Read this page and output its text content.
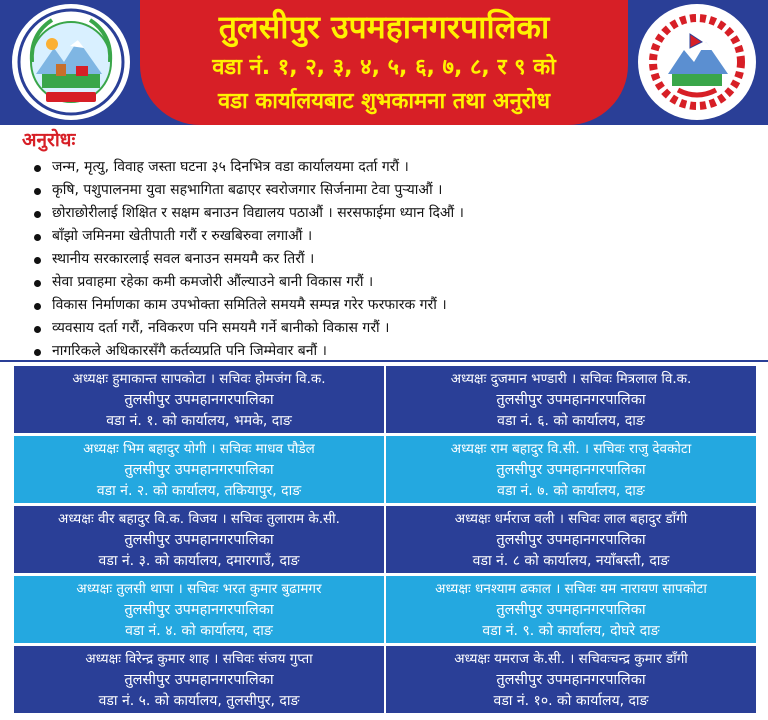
तुलसीपुर उपमहानगरपालिका
वडा नं. १, २, ३, ४, ५, ६, ७, ८, र ९ को
वडा कार्यालयबाट शुभकामना तथा अनुरोध
अनुरोधः
जन्म, मृत्यु, विवाह जस्ता घटना ३५ दिनभित्र वडा कार्यालयमा दर्ता गरौं ।
कृषि, पशुपालनमा युवा सहभागिता बढाएर स्वरोजगार सिर्जनामा टेवा पुर्‍याऔं ।
छोराछोरीलाई शिक्षित र सक्षम बनाउन विद्यालय पठाऔं । सरसफाईमा ध्यान दिऔं ।
बाँझो जमिनमा खेतीपाती गरौं र रुखबिरुवा लगाऔं ।
स्थानीय सरकारलाई सवल बनाउन समयमै कर तिरौं ।
सेवा प्रवाहमा रहेका कमी कमजोरी औंल्याउने बानी विकास गरौं ।
विकास निर्माणका काम उपभोक्ता समितिले समयमै सम्पन्न गरेर फरफारक गरौं ।
व्यवसाय दर्ता गरौं, नविकरण पनि समयमै गर्ने बानीको विकास गरौं ।
नागरिकले अधिकारसँगै कर्तव्यप्रति पनि जिम्मेवार बनौं ।
अध्यक्षः हुमाकान्त सापकोटा । सचिवः होमजंग वि.क.
तुलसीपुर उपमहानगरपालिका
वडा नं. १. को कार्यालय, भमके, दाङ
अध्यक्षः दुजमान भण्डारी । सचिवः मित्रलाल वि.क.
तुलसीपुर उपमहानगरपालिका
वडा नं. ६. को कार्यालय, दाङ
अध्यक्षः भिम बहादुर योगी । सचिवः माधव पौडेल
तुलसीपुर उपमहानगरपालिका
वडा नं. २. को कार्यालय, तकियापुर, दाङ
अध्यक्षः राम बहादुर वि.सी. । सचिवः राजु देवकोटा
तुलसीपुर उपमहानगरपालिका
वडा नं. ७. को कार्यालय, दाङ
अध्यक्षः वीर बहादुर वि.क. विजय । सचिवः तुलाराम के.सी.
तुलसीपुर उपमहानगरपालिका
वडा नं. ३. को कार्यालय, दमारगाउँ, दाङ
अध्यक्षः धर्मराज वली । सचिवः लाल बहादुर डाँगी
तुलसीपुर उपमहानगरपालिका
वडा नं. ८ को कार्यालय, नयाँबस्ती, दाङ
अध्यक्षः तुलसी थापा । सचिवः भरत कुमार बुढामगर
तुलसीपुर उपमहानगरपालिका
वडा नं. ४. को कार्यालय, दाङ
अध्यक्षः धनश्याम ढकाल । सचिवः यम नारायण सापकोटा
तुलसीपुर उपमहानगरपालिका
वडा नं. ९. को कार्यालय, दोघरे दाङ
अध्यक्षः विरेन्द्र कुमार शाह । सचिवः संजय गुप्ता
तुलसीपुर उपमहानगरपालिका
वडा नं. ५. को कार्यालय, तुलसीपुर, दाङ
अध्यक्षः यमराज के.सी. । सचिवःचन्द्र कुमार डाँगी
तुलसीपुर उपमहानगरपालिका
वडा नं. १०. को कार्यालय, दाङ
